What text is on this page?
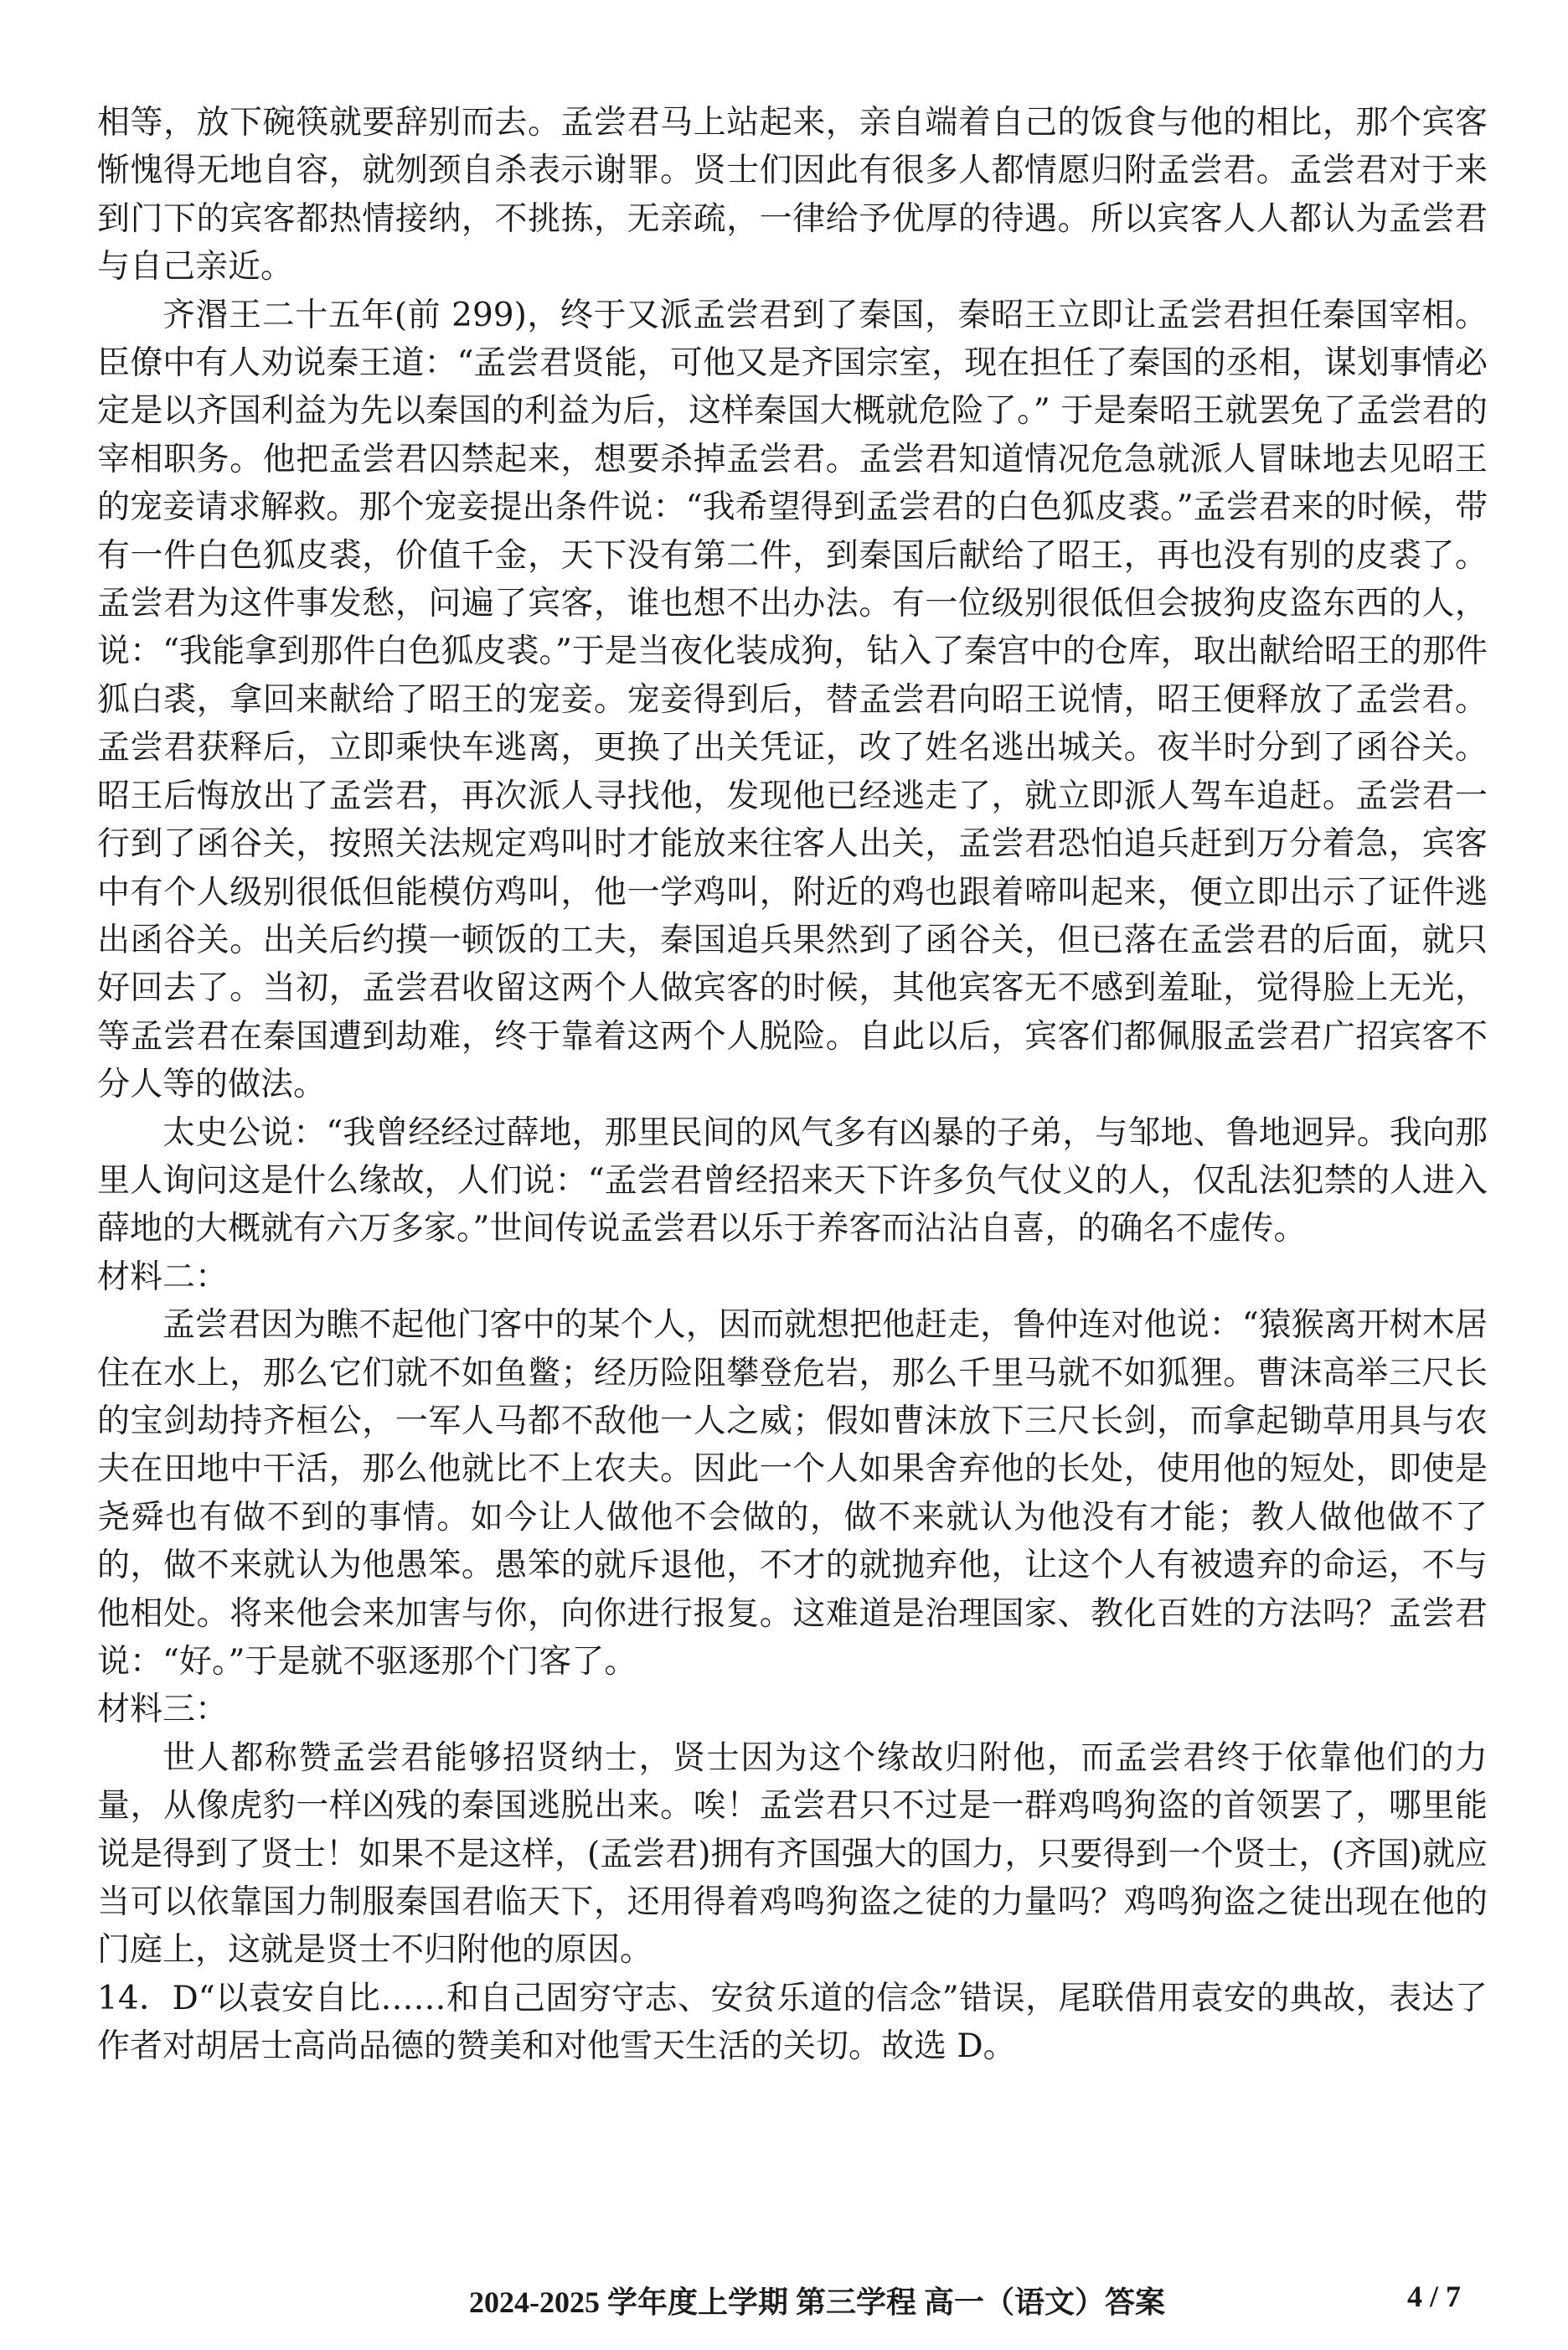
相等，放下碗筷就要辞别而去。孟尝君马上站起来，亲自端着自己的饭食与他的相比，那个宾客惭愧得无地自容，就刎颈自杀表示谢罪。贤士们因此有很多人都情愿归附孟尝君。孟尝君对于来到门下的宾客都热情接纳，不挑拣，无亲疏，一律给予优厚的待遇。所以宾客人人都认为孟尝君与自己亲近。

齐湣王二十五年(前 299)，终于又派孟尝君到了秦国，秦昭王立即让孟尝君担任秦国宰相。臣僚中有人劝说秦王道：“孟尝君贤能，可他又是齐国宗室，现在担任了秦国的丞相，谋划事情必定是以齐国利益为先以秦国的利益为后，这样秦国大概就危险了。” 于是秦昭王就罢免了孟尝君的宰相职务。他把孟尝君囚禁起来，想要杀掉孟尝君。孟尝君知道情况危急就派人冒昧地去见昭王的宠妾请求解救。那个宠妾提出条件说：“我希望得到孟尝君的白色狐皮裘。”孟尝君来的时候，带有一件白色狐皮裘，价值千金，天下没有第二件，到秦国后献给了昭王，再也没有别的皮裘了。孟尝君为这件事发愁，问遍了宾客，谁也想不出办法。有一位级别很低但会披狗皮盗东西的人，说：“我能拿到那件白色狐皮裘。”于是当夜化装成狗，钻入了秦宫中的仓库，取出献给昭王的那件狐白裘，拿回来献给了昭王的宠妾。宠妾得到后，替孟尝君向昭王说情，昭王便释放了孟尝君。孟尝君获释后，立即乘快车逃离，更换了出关凭证，改了姓名逃出城关。夜半时分到了函谷关。昭王后悔放出了孟尝君，再次派人寻找他，发现他已经逃走了，就立即派人驾车追赶。孟尝君一行到了函谷关，按照关法规定鸡叫时才能放来往客人出关，孟尝君恐怕追兵赶到万分着急，宾客中有个人级别很低但能模仿鸡叫，他一学鸡叫，附近的鸡也跟着啼叫起来，便立即出示了证件逃出函谷关。出关后约摸一顿饭的工夫，秦国追兵果然到了函谷关，但已落在孟尝君的后面，就只好回去了。当初，孟尝君收留这两个人做宾客的时候，其他宾客无不感到羞耻，觉得脸上无光，等孟尝君在秦国遭到劫难，终于靠着这两个人脱险。自此以后，宾客们都佩服孟尝君广招宾客不分人等的做法。

太史公说：“我曾经经过薛地，那里民间的风气多有凶暴的子弟，与邹地、鲁地迥异。我向那里人询问这是什么缘故，人们说：“孟尝君曾经招来天下许多负气仗义的人，仅乱法犯禁的人进入薛地的大概就有六万多家。”世间传说孟尝君以乐于养客而沾沾自喜，的确名不虚传。

材料二：

孟尝君因为瞧不起他门客中的某个人，因而就想把他赶走，鲁仲连对他说：“猿猴离开树木居住在水上，那么它们就不如鱼鳖；经历险阻攀登危岩，那么千里马就不如狐狸。曹沫高举三尺长的宝剑劫持齐桓公，一军人马都不敌他一人之威；假如曹沫放下三尺长剑，而拿起锄草用具与农夫在田地中干活，那么他就比不上农夫。因此一个人如果舍弃他的长处，使用他的短处，即使是尧舜也有做不到的事情。如今让人做他不会做的，做不来就认为他没有才能；教人做他做不了的，做不来就认为他愚笨。愚笨的就斥退他，不才的就抛弃他，让这个人有被遗弃的命运，不与他相处。将来他会来加害与你，向你进行报复。这难道是治理国家、教化百姓的方法吗？孟尝君说：“好。”于是就不驱逐那个门客了。

材料三：

世人都称赞孟尝君能够招贤纳士，贤士因为这个缘故归附他，而孟尝君终于依靠他们的力量，从像虎豹一样凶残的秦国逃脱出来。唉！孟尝君只不过是一群鸡鸣狗盗的首领罢了，哪里能说是得到了贤士！如果不是这样，(孟尝君)拥有齐国强大的国力，只要得到一个贤士，(齐国)就应当可以依靠国力制服秦国君临天下，还用得着鸡鸣狗盗之徒的力量吗？鸡鸣狗盗之徒出现在他的门庭上，这就是贤士不归附他的原因。

14．D“以袁安自比……和自己固穷守志、安贫乐道的信念”错误，尾联借用袁安的典故，表达了作者对胡居士高尚品德的赞美和对他雪天生活的关切。故选 D。

2024-2025 学年度上学期 第三学程 高一（语文）答案	4 / 7
